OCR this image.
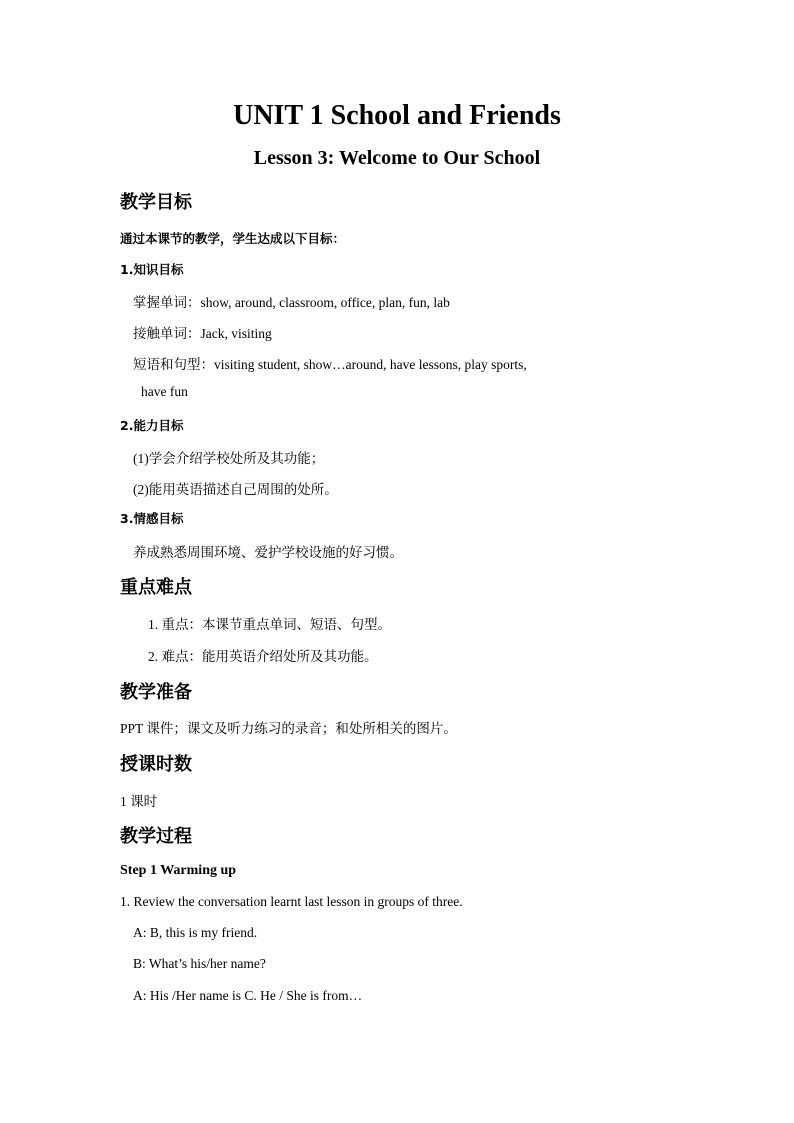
UNIT 1 School and Friends
Lesson 3: Welcome to Our School
教学目标
通过本课节的教学，学生达成以下目标：
1.知识目标
掌握单词：show, around, classroom, office, plan, fun, lab
接触单词：Jack, visiting
短语和句型：visiting student, show…around, have lessons, play sports,
have fun
2.能力目标
(1)学会介绍学校处所及其功能；
(2)能用英语描述自己周围的处所。
3.情感目标
养成熟悉周围环境、爱护学校设施的好习惯。
重点难点
1. 重点：本课节重点单词、短语、句型。
2. 难点：能用英语介绍处所及其功能。
教学准备
PPT 课件；课文及听力练习的录音；和处所相关的图片。
授课时数
1 课时
教学过程
Step 1 Warming up
1. Review the conversation learnt last lesson in groups of three.
A: B, this is my friend.
B: What’s his/her name?
A: His /Her name is C. He / She is from…
